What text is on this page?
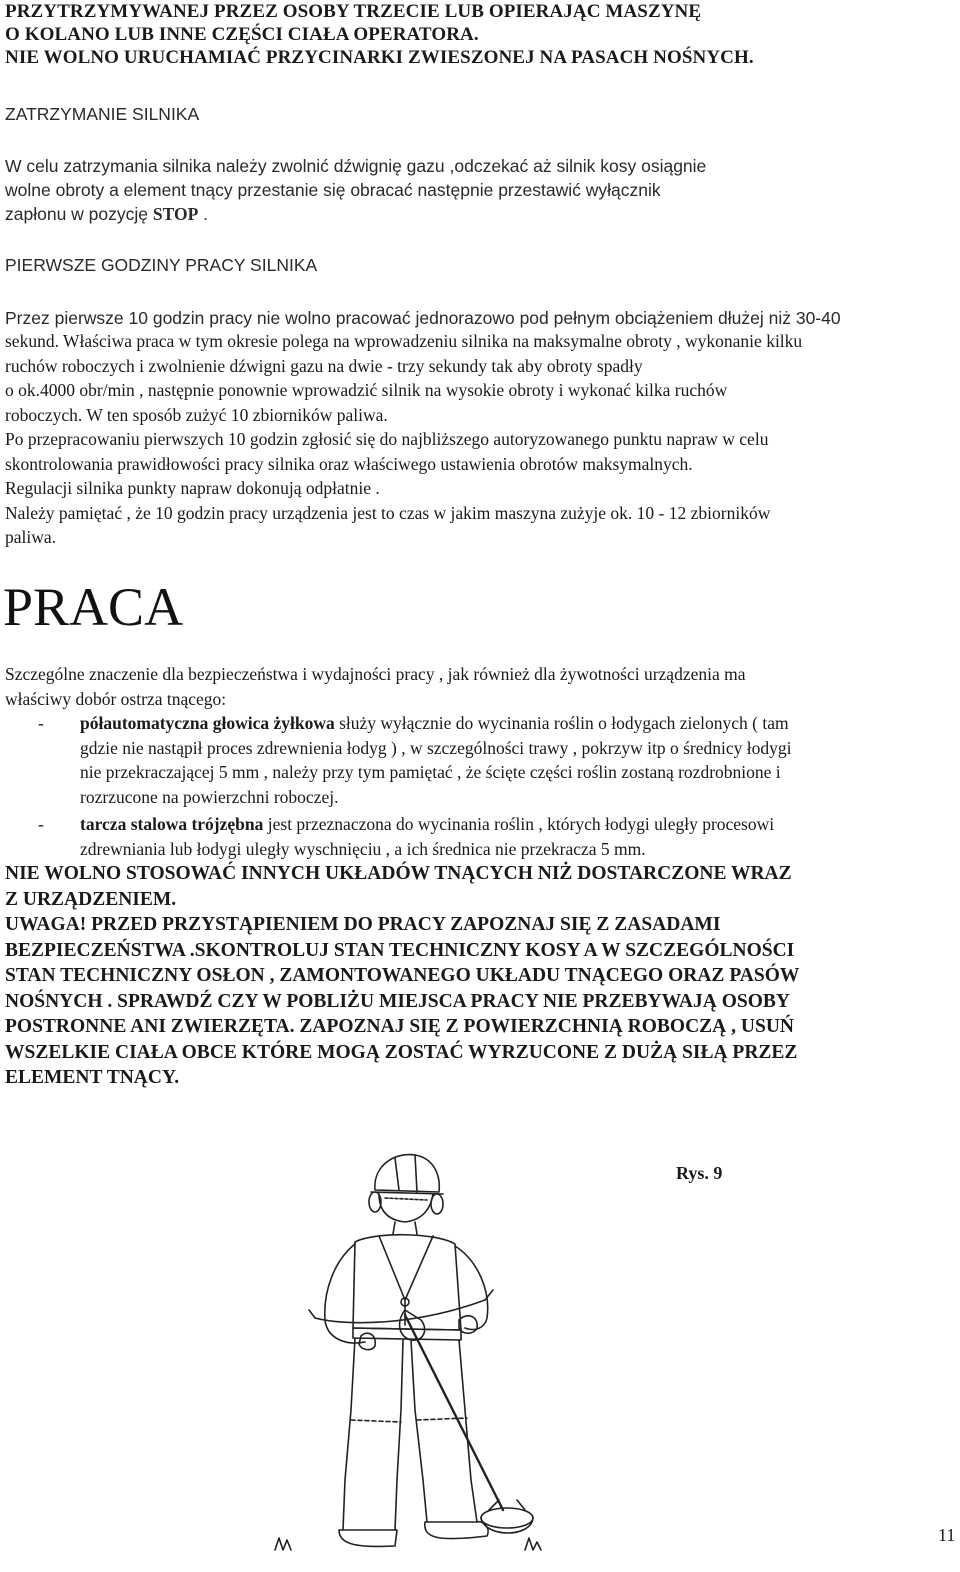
PRZYTRZYMYWANEJ PRZEZ OSOBY TRZECIE LUB OPIERAJĄC MASZYNĘ
O KOLANO LUB INNE CZĘŚCI CIAŁA OPERATORA.
NIE WOLNO URUCHAMIAĆ PRZYCINARKI ZWIESZONEJ NA PASACH NOŚNYCH.
ZATRZYMANIE SILNIKA
W celu zatrzymania silnika należy zwolnić dźwignię gazu ,odczekać aż silnik kosy osiągnie
wolne obroty a element tnący przestanie się obracać następnie przestawić wyłącznik
zapłonu w pozycję STOP .
PIERWSZE GODZINY PRACY SILNIKA
Przez pierwsze 10 godzin pracy nie wolno pracować jednorazowo pod pełnym obciążeniem dłużej niż 30-40
sekund. Właściwa praca w tym okresie polega na wprowadzeniu silnika na maksymalne obroty , wykonanie kilku
ruchów roboczych i zwolnienie dźwigni gazu na dwie - trzy sekundy tak aby obroty spadły
o ok.4000 obr/min , następnie ponownie wprowadzić silnik na wysokie obroty i wykonać kilka ruchów
roboczych. W ten sposób zużyć 10 zbiorników paliwa.
Po przepracowaniu pierwszych 10 godzin zgłosić się do najbliższego autoryzowanego punktu napraw w celu
skontrolowania prawidłowości pracy silnika oraz właściwego ustawienia obrotów maksymalnych.
Regulacji silnika punkty napraw dokonują odpłatnie .
Należy pamiętać , że 10 godzin pracy urządzenia jest to czas w jakim maszyna zużyje ok. 10 - 12 zbiorników
paliwa.
PRACA
Szczególne znaczenie dla bezpieczeństwa i wydajności pracy , jak również dla żywotności urządzenia ma
właściwy dobór ostrza tnącego:
- półautomatyczna głowica żyłkowa służy wyłącznie do wycinania roślin o łodygach zielonych ( tam
gdzie nie nastąpił proces zdrewnienia łodyg ) , w szczególności trawy , pokrzyw itp o średnicy łodygi
nie przekraczającej 5 mm , należy przy tym pamiętać , że ścięte części roślin zostaną rozdrobnione i
rozrzucone na powierzchni roboczej.
- tarcza stalowa trójzębna jest przeznaczona do wycinania roślin , których łodygi uległy procesowi
zdrewniania lub łodygi uległy wyschnięciu , a ich średnica nie przekracza 5 mm.
NIE WOLNO STOSOWAĆ INNYCH UKŁADÓW TNĄCYCH NIŻ DOSTARCZONE WRAZ
Z URZĄDZENIEM.
UWAGA! PRZED PRZYSTĄPIENIEM DO PRACY ZAPOZNAJ SIĘ Z ZASADAMI
BEZPIECZEŃSTWA .SKONTROLUJ STAN TECHNICZNY KOSY A W SZCZEGÓLNOŚCI
STAN TECHNICZNY OSŁON , ZAMONTOWANEGO UKŁADU TNĄCEGO ORAZ PASÓW
NOŚNYCH . SPRAWDŹ CZY W POBLIŻU MIEJSCA PRACY NIE PRZEBYWAJĄ OSOBY
POSTRONNE ANI ZWIERZĘTA. ZAPOZNAJ SIĘ Z POWIERZCHNIĄ ROBOCZĄ , USUŃ
WSZELKIE CIAŁA OBCE KTÓRE MOGĄ ZOSTAĆ WYRZUCONE Z DUŻĄ SIŁĄ PRZEZ
ELEMENT TNĄCY.
Rys. 9
11
